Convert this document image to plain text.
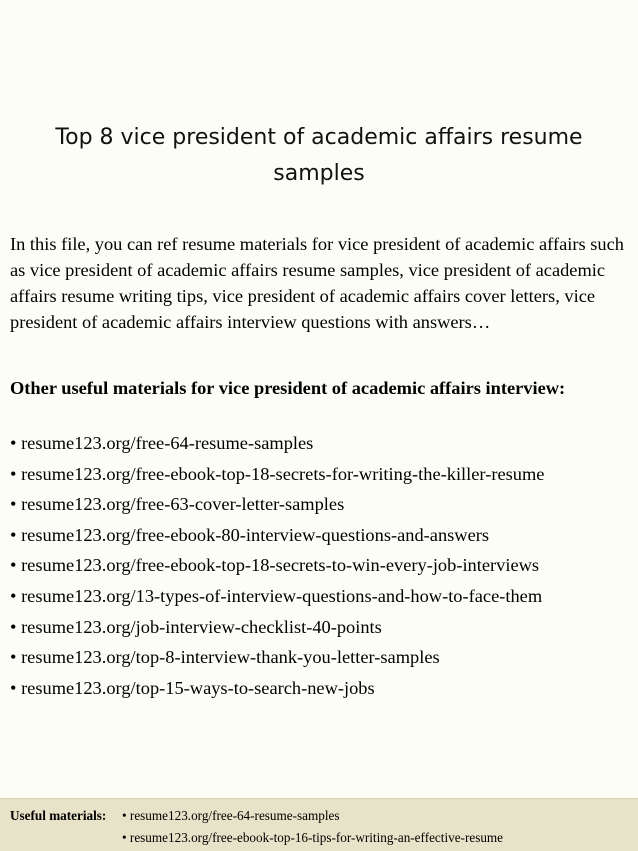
Top 8 vice president of academic affairs resume samples

In this file, you can ref resume materials for vice president of academic affairs such as vice president of academic affairs resume samples, vice president of academic affairs resume writing tips, vice president of academic affairs cover letters, vice president of academic affairs interview questions with answers…

Other useful materials for vice president of academic affairs interview:

• resume123.org/free-64-resume-samples
• resume123.org/free-ebook-top-18-secrets-for-writing-the-killer-resume
• resume123.org/free-63-cover-letter-samples
• resume123.org/free-ebook-80-interview-questions-and-answers
• resume123.org/free-ebook-top-18-secrets-to-win-every-job-interviews
• resume123.org/13-types-of-interview-questions-and-how-to-face-them
• resume123.org/job-interview-checklist-40-points
• resume123.org/top-8-interview-thank-you-letter-samples
• resume123.org/top-15-ways-to-search-new-jobs
Useful materials: • resume123.org/free-64-resume-samples
• resume123.org/free-ebook-top-16-tips-for-writing-an-effective-resume
